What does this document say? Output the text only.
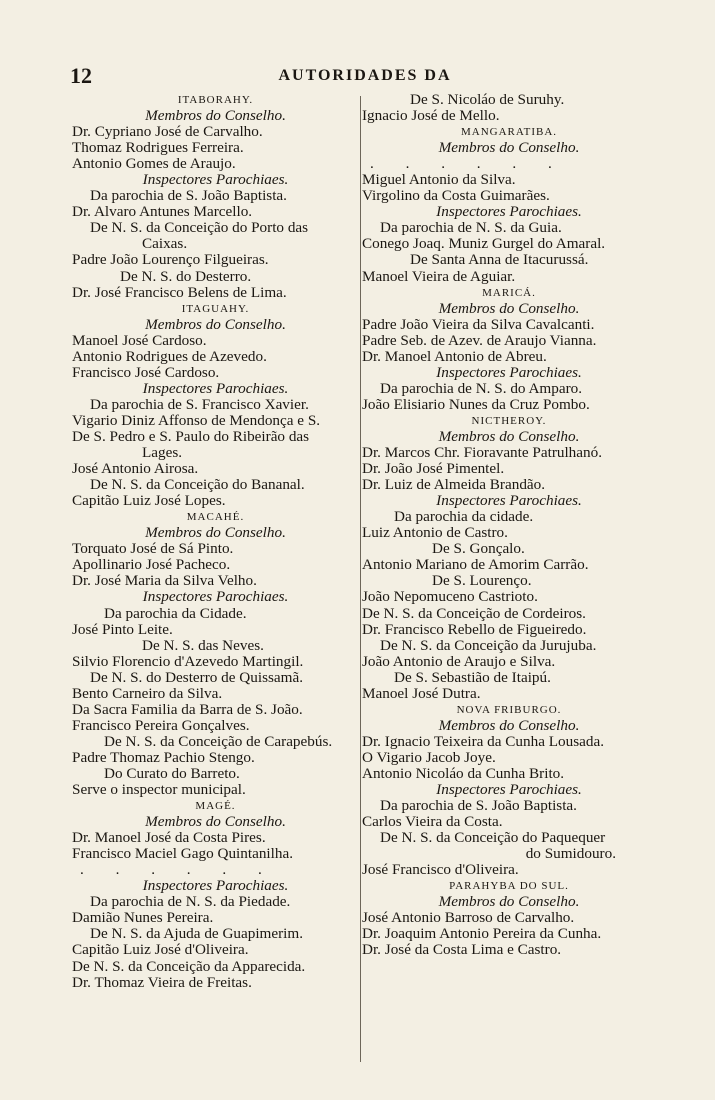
12	AUTORIDADES DA
ITABORAHY.
Membros do Conselho.
Dr. Cypriano José de Carvalho.
Thomaz Rodrigues Ferreira.
Antonio Gomes de Araujo.
Inspectores Parochiaes.
Da parochia de S. João Baptista.
Dr. Alvaro Antunes Marcello.
De N. S. da Conceição do Porto das
Caixas.
Padre João Lourenço Filgueiras.
De N. S. do Desterro.
Dr. José Francisco Belens de Lima.
ITAGUAHY.
Membros do Conselho.
Manoel José Cardoso.
Antonio Rodrigues de Azevedo.
Francisco José Cardoso.
Inspectores Parochiaes.
Da parochia de S. Francisco Xavier.
Vigario Diniz Affonso de Mendonça e S.
De S. Pedro e S. Paulo do Ribeirão das
Lages.
José Antonio Airosa.
De N. S. da Conceição do Bananal.
Capitão Luiz José Lopes.
MACAHÉ.
Membros do Conselho.
Torquato José de Sá Pinto.
Apollinario José Pacheco.
Dr. José Maria da Silva Velho.
Inspectores Parochiaes.
Da parochia da Cidade.
José Pinto Leite.
De N. S. das Neves.
Silvio Florencio d'Azevedo Martingil.
De N. S. do Desterro de Quissamã.
Bento Carneiro da Silva.
Da Sacra Familia da Barra de S. João.
Francisco Pereira Gonçalves.
De N. S. da Conceição de Carapebús.
Padre Thomaz Pachio Stengo.
Do Curato do Barreto.
Serve o inspector municipal.
MAGÉ.
Membros do Conselho.
Dr. Manoel José da Costa Pires.
Francisco Maciel Gago Quintanilha.
. . . . . .
Inspectores Parochiaes.
Da parochia de N. S. da Piedade.
Damião Nunes Pereira.
De N. S. da Ajuda de Guapimerim.
Capitão Luiz José d'Oliveira.
De N. S. da Conceição da Apparecida.
Dr. Thomaz Vieira de Freitas.
De S. Nicoláo de Suruhy.
Ignacio José de Mello.
MANGARATIBA.
Membros do Conselho.
. . . . . .
Miguel Antonio da Silva.
Virgolino da Costa Guimarães.
Inspectores Parochiaes.
Da parochia de N. S. da Guia.
Conego Joaq. Muniz Gurgel do Amaral.
De Santa Anna de Itacurussá.
Manoel Vieira de Aguiar.
MARICÁ.
Membros do Conselho.
Padre João Vieira da Silva Cavalcanti.
Padre Seb. de Azev. de Araujo Vianna.
Dr. Manoel Antonio de Abreu.
Inspectores Parochiaes.
Da parochia de N. S. do Amparo.
João Elisiario Nunes da Cruz Pombo.
NICTHEROY.
Membros do Conselho.
Dr. Marcos Chr. Fioravante Patrulhanó.
Dr. João José Pimentel.
Dr. Luiz de Almeida Brandão.
Inspectores Parochiaes.
Da parochia da cidade.
Luiz Antonio de Castro.
De S. Gonçalo.
Antonio Mariano de Amorim Carrão.
De S. Lourenço.
João Nepomuceno Castrioto.
De N. S. da Conceição de Cordeiros.
Dr. Francisco Rebello de Figueiredo.
De N. S. da Conceição da Jurujuba.
João Antonio de Araujo e Silva.
De S. Sebastião de Itaipú.
Manoel José Dutra.
NOVA FRIBURGO.
Membros do Conselho.
Dr. Ignacio Teixeira da Cunha Lousada.
O Vigario Jacob Joye.
Antonio Nicoláo da Cunha Brito.
Inspectores Parochiaes.
Da parochia de S. João Baptista.
Carlos Vieira da Costa.
De N. S. da Conceição do Paquequer
do Sumidouro.
José Francisco d'Oliveira.
PARAHYBA DO SUL.
Membros do Conselho.
José Antonio Barroso de Carvalho.
Dr. Joaquim Antonio Pereira da Cunha.
Dr. José da Costa Lima e Castro.
